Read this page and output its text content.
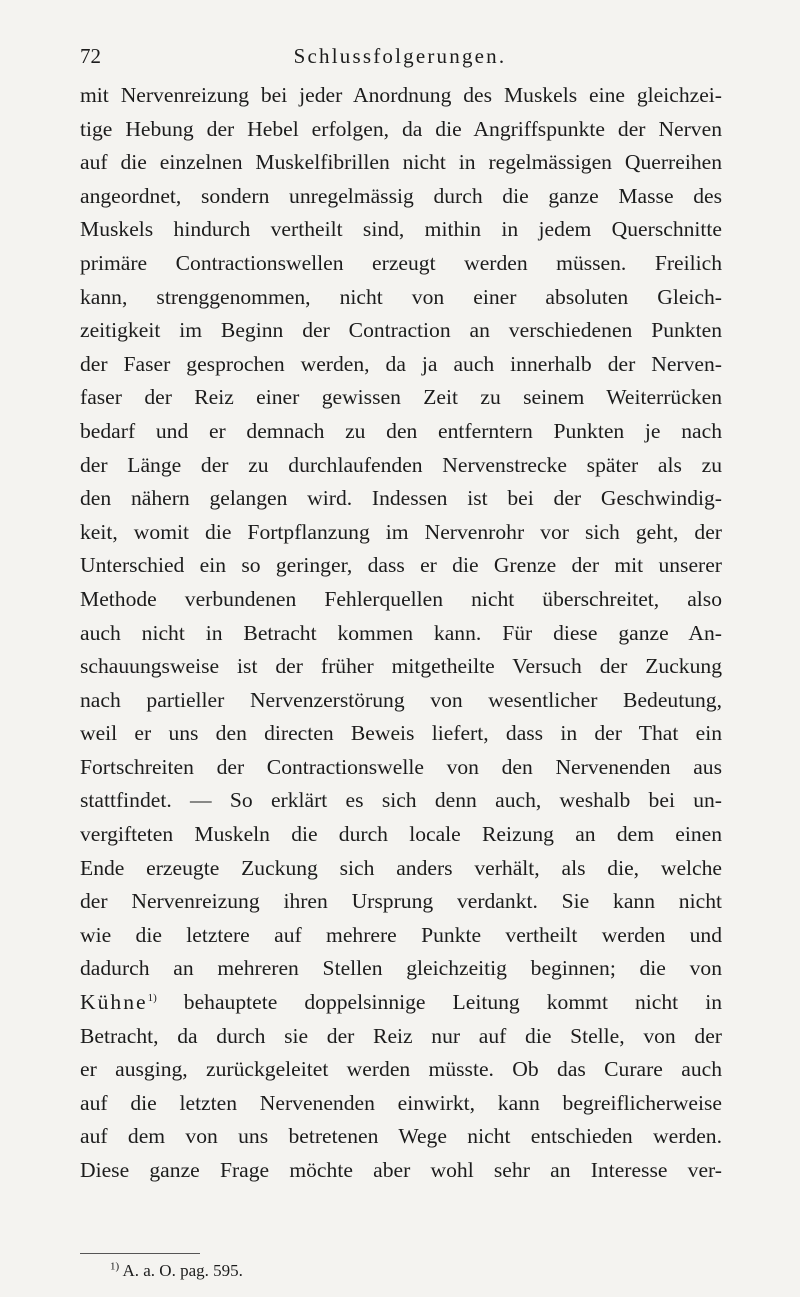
72	Schlussfolgerungen.
mit Nervenreizung bei jeder Anordnung des Muskels eine gleichzei-
tige Hebung der Hebel erfolgen, da die Angriffspunkte der Nerven
auf die einzelnen Muskelfibrillen nicht in regelmässigen Querreihen
angeordnet, sondern unregelmässig durch die ganze Masse des
Muskels hindurch vertheilt sind, mithin in jedem Querschnitte
primäre Contractionswellen erzeugt werden müssen. Freilich
kann, strenggenommen, nicht von einer absoluten Gleich-
zeitigkeit im Beginn der Contraction an verschiedenen Punkten
der Faser gesprochen werden, da ja auch innerhalb der Nerven-
faser der Reiz einer gewissen Zeit zu seinem Weiterrücken
bedarf und er demnach zu den entferntern Punkten je nach
der Länge der zu durchlaufenden Nervenstrecke später als zu
den nähern gelangen wird. Indessen ist bei der Geschwindig-
keit, womit die Fortpflanzung im Nervenrohr vor sich geht, der
Unterschied ein so geringer, dass er die Grenze der mit unserer
Methode verbundenen Fehlerquellen nicht überschreitet, also
auch nicht in Betracht kommen kann. Für diese ganze An-
schauungsweise ist der früher mitgetheilte Versuch der Zuckung
nach partieller Nervenzerstörung von wesentlicher Bedeutung,
weil er uns den directen Beweis liefert, dass in der That ein
Fortschreiten der Contractionswelle von den Nervenenden aus
stattfindet. — So erklärt es sich denn auch, weshalb bei un-
vergifteten Muskeln die durch locale Reizung an dem einen
Ende erzeugte Zuckung sich anders verhält, als die, welche
der Nervenreizung ihren Ursprung verdankt. Sie kann nicht
wie die letztere auf mehrere Punkte vertheilt werden und
dadurch an mehreren Stellen gleichzeitig beginnen; die von
Kühne$^{1)}$ behauptete doppelsinnige Leitung kommt nicht in
Betracht, da durch sie der Reiz nur auf die Stelle, von der
er ausging, zurückgeleitet werden müsste. Ob das Curare auch
auf die letzten Nervenenden einwirkt, kann begreiflicherweise
auf dem von uns betretenen Wege nicht entschieden werden.
Diese ganze Frage möchte aber wohl sehr an Interesse ver-
$^{1)}$ A. a. O. pag. 595.
